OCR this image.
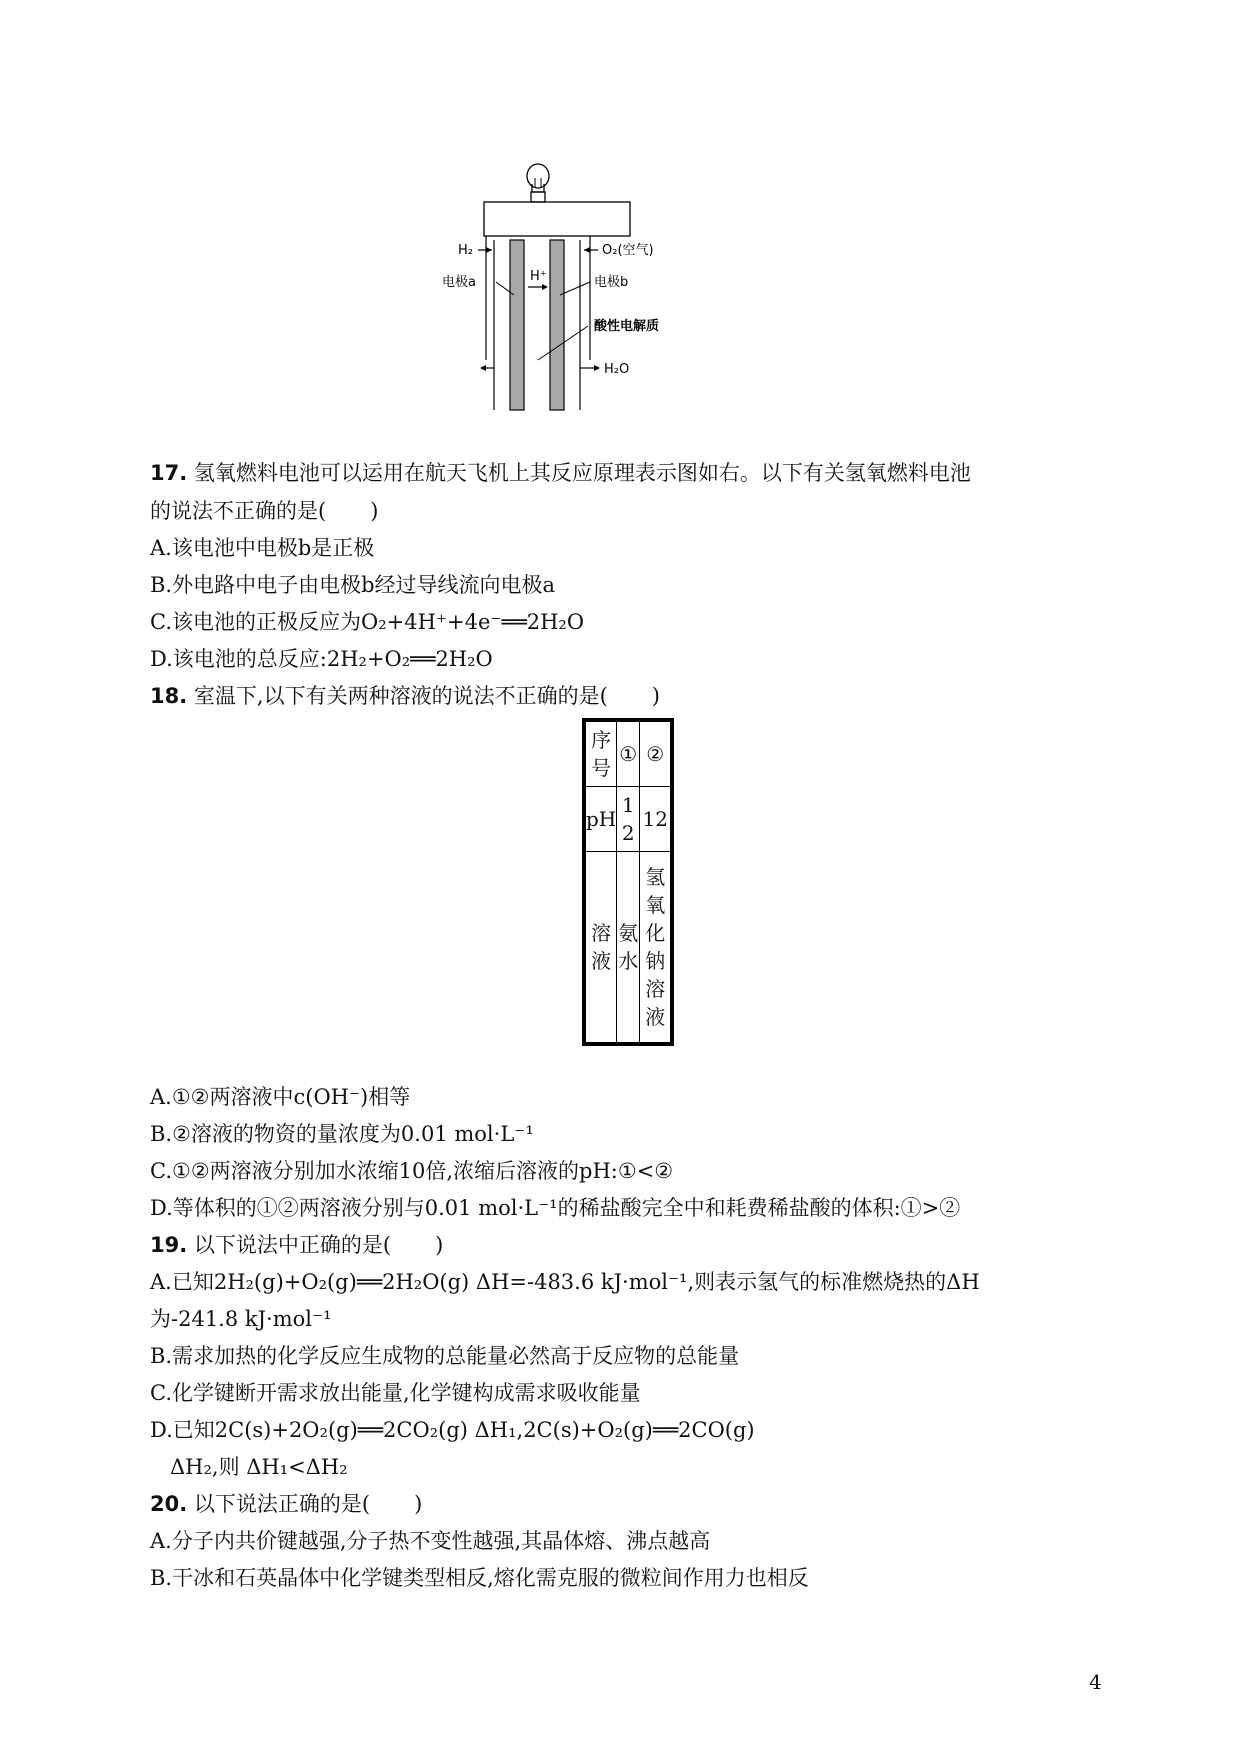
H₂	O₂(空气)
H⁺
电极a	电极b
酸性电解质
H₂O
17. 氢氧燃料电池可以运用在航天飞机上其反应原理表示图如右。以下有关氢氧燃料电池
的说法不正确的是( )
A.该电池中电极b是正极
B.外电路中电子由电极b经过导线流向电极a
C.该电池的正极反应为O₂+4H⁺+4e⁻══2H₂O
D.该电池的总反应:2H₂+O₂══2H₂O
18. 室温下,以下有关两种溶液的说法不正确的是( )
序号	①	②
pH	12	12
溶液	氨水	氢氧化钠溶液
A.①②两溶液中c(OH⁻)相等
B.②溶液的物资的量浓度为0.01 mol·L⁻¹
C.①②两溶液分别加水浓缩10倍,浓缩后溶液的pH:①<②
D.等体积的①②两溶液分别与0.01 mol·L⁻¹的稀盐酸完全中和耗费稀盐酸的体积:①>②
19. 以下说法中正确的是( )
A.已知2H₂(g)+O₂(g)══2H₂O(g) ΔH=-483.6 kJ·mol⁻¹,则表示氢气的标准燃烧热的ΔH
为-241.8 kJ·mol⁻¹
B.需求加热的化学反应生成物的总能量必然高于反应物的总能量
C.化学键断开需求放出能量,化学键构成需求吸收能量
D.已知2C(s)+2O₂(g)══2CO₂(g) ΔH₁,2C(s)+O₂(g)══2CO(g)
ΔH₂,则 ΔH₁<ΔH₂
20. 以下说法正确的是( )
A.分子内共价键越强,分子热不变性越强,其晶体熔、沸点越高
B.干冰和石英晶体中化学键类型相反,熔化需克服的微粒间作用力也相反
4
